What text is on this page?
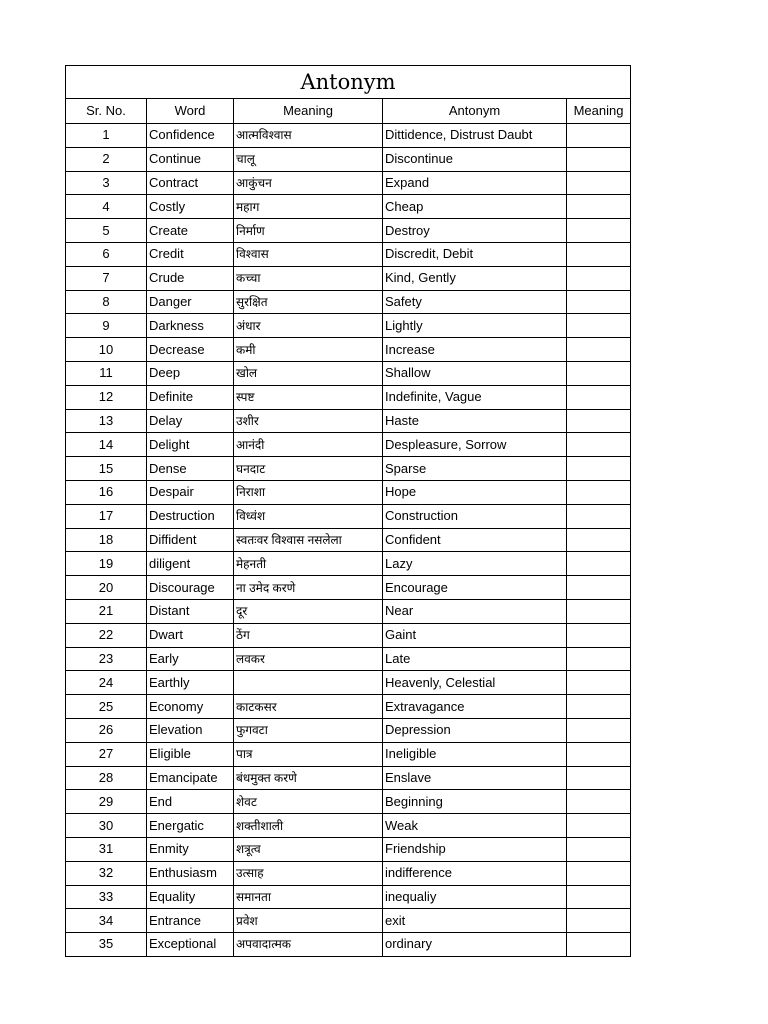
Antonym				
Sr. No.	Word	Meaning	Antonym	Meaning
1	Confidence	आत्मविश्वास	Dittidence, Distrust Daubt	
2	Continue	चालू	Discontinue	
3	Contract	आकुंचन	Expand	
4	Costly	महाग	Cheap	
5	Create	निर्माण	Destroy	
6	Credit	विश्वास	Discredit, Debit	
7	Crude	कच्चा	Kind, Gently	
8	Danger	सुरक्षित	Safety	
9	Darkness	अंधार	Lightly	
10	Decrease	कमी	Increase	
11	Deep	खोल	Shallow	
12	Definite	स्पष्ट	Indefinite, Vague	
13	Delay	उशीर	Haste	
14	Delight	आनंदी	Despleasure, Sorrow	
15	Dense	घनदाट	Sparse	
16	Despair	निराशा	Hope	
17	Destruction	विध्वंश	Construction	
18	Diffident	स्वतःवर विश्वास नसलेला	Confident	
19	diligent	मेहनती	Lazy	
20	Discourage	ना उमेद करणे	Encourage	
21	Distant	दूर	Near	
22	Dwart	ठेंग	Gaint	
23	Early	लवकर	Late	
24	Earthly		Heavenly, Celestial	
25	Economy	काटकसर	Extravagance	
26	Elevation	फुगवटा	Depression	
27	Eligible	पात्र	Ineligible	
28	Emancipate	बंधमुक्त करणे	Enslave	
29	End	शेवट	Beginning	
30	Energatic	शक्तीशाली	Weak	
31	Enmity	शत्रूत्व	Friendship	
32	Enthusiasm	उत्साह	indifference	
33	Equality	समानता	inequaliy	
34	Entrance	प्रवेश	exit	
35	Exceptional	अपवादात्मक	ordinary	
